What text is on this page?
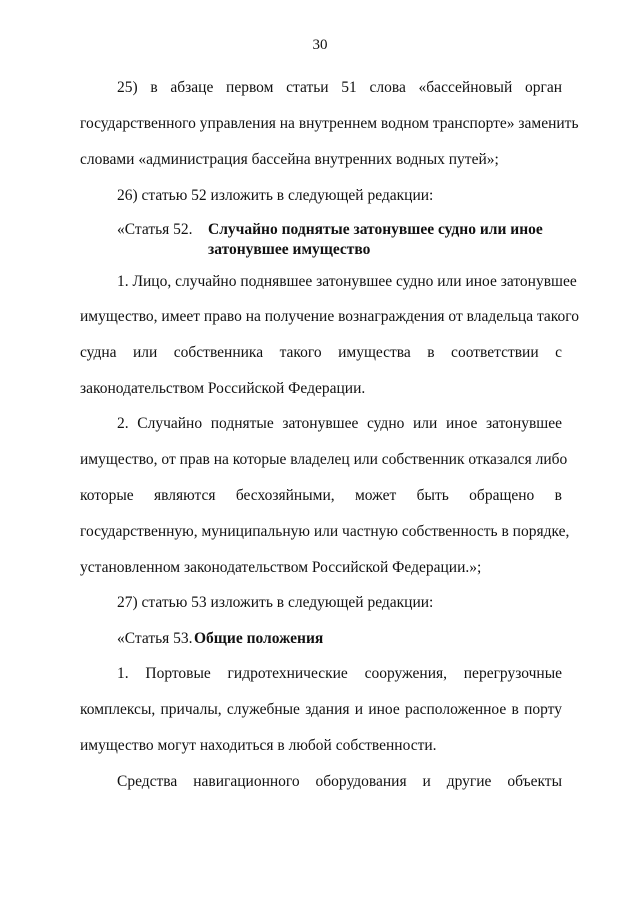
30
25) в абзаце первом статьи 51 слова «бассейновый орган
государственного управления на внутреннем водном транспорте» заменить
словами «администрация бассейна внутренних водных путей»;
26) статью 52 изложить в следующей редакции:
«Статья 52. Случайно поднятые затонувшее судно или иное
затонувшее имущество
1. Лицо, случайно поднявшее затонувшее судно или иное затонувшее
имущество, имеет право на получение вознаграждения от владельца такого
судна или собственника такого имущества в соответствии с
законодательством Российской Федерации.
2. Случайно поднятые затонувшее судно или иное затонувшее
имущество, от прав на которые владелец или собственник отказался либо
которые являются бесхозяйными, может быть обращено в
государственную, муниципальную или частную собственность в порядке,
установленном законодательством Российской Федерации.»;
27) статью 53 изложить в следующей редакции:
«Статья 53. Общие положения
1. Портовые гидротехнические сооружения, перегрузочные
комплексы, причалы, служебные здания и иное расположенное в порту
имущество могут находиться в любой собственности.
Средства навигационного оборудования и другие объекты
